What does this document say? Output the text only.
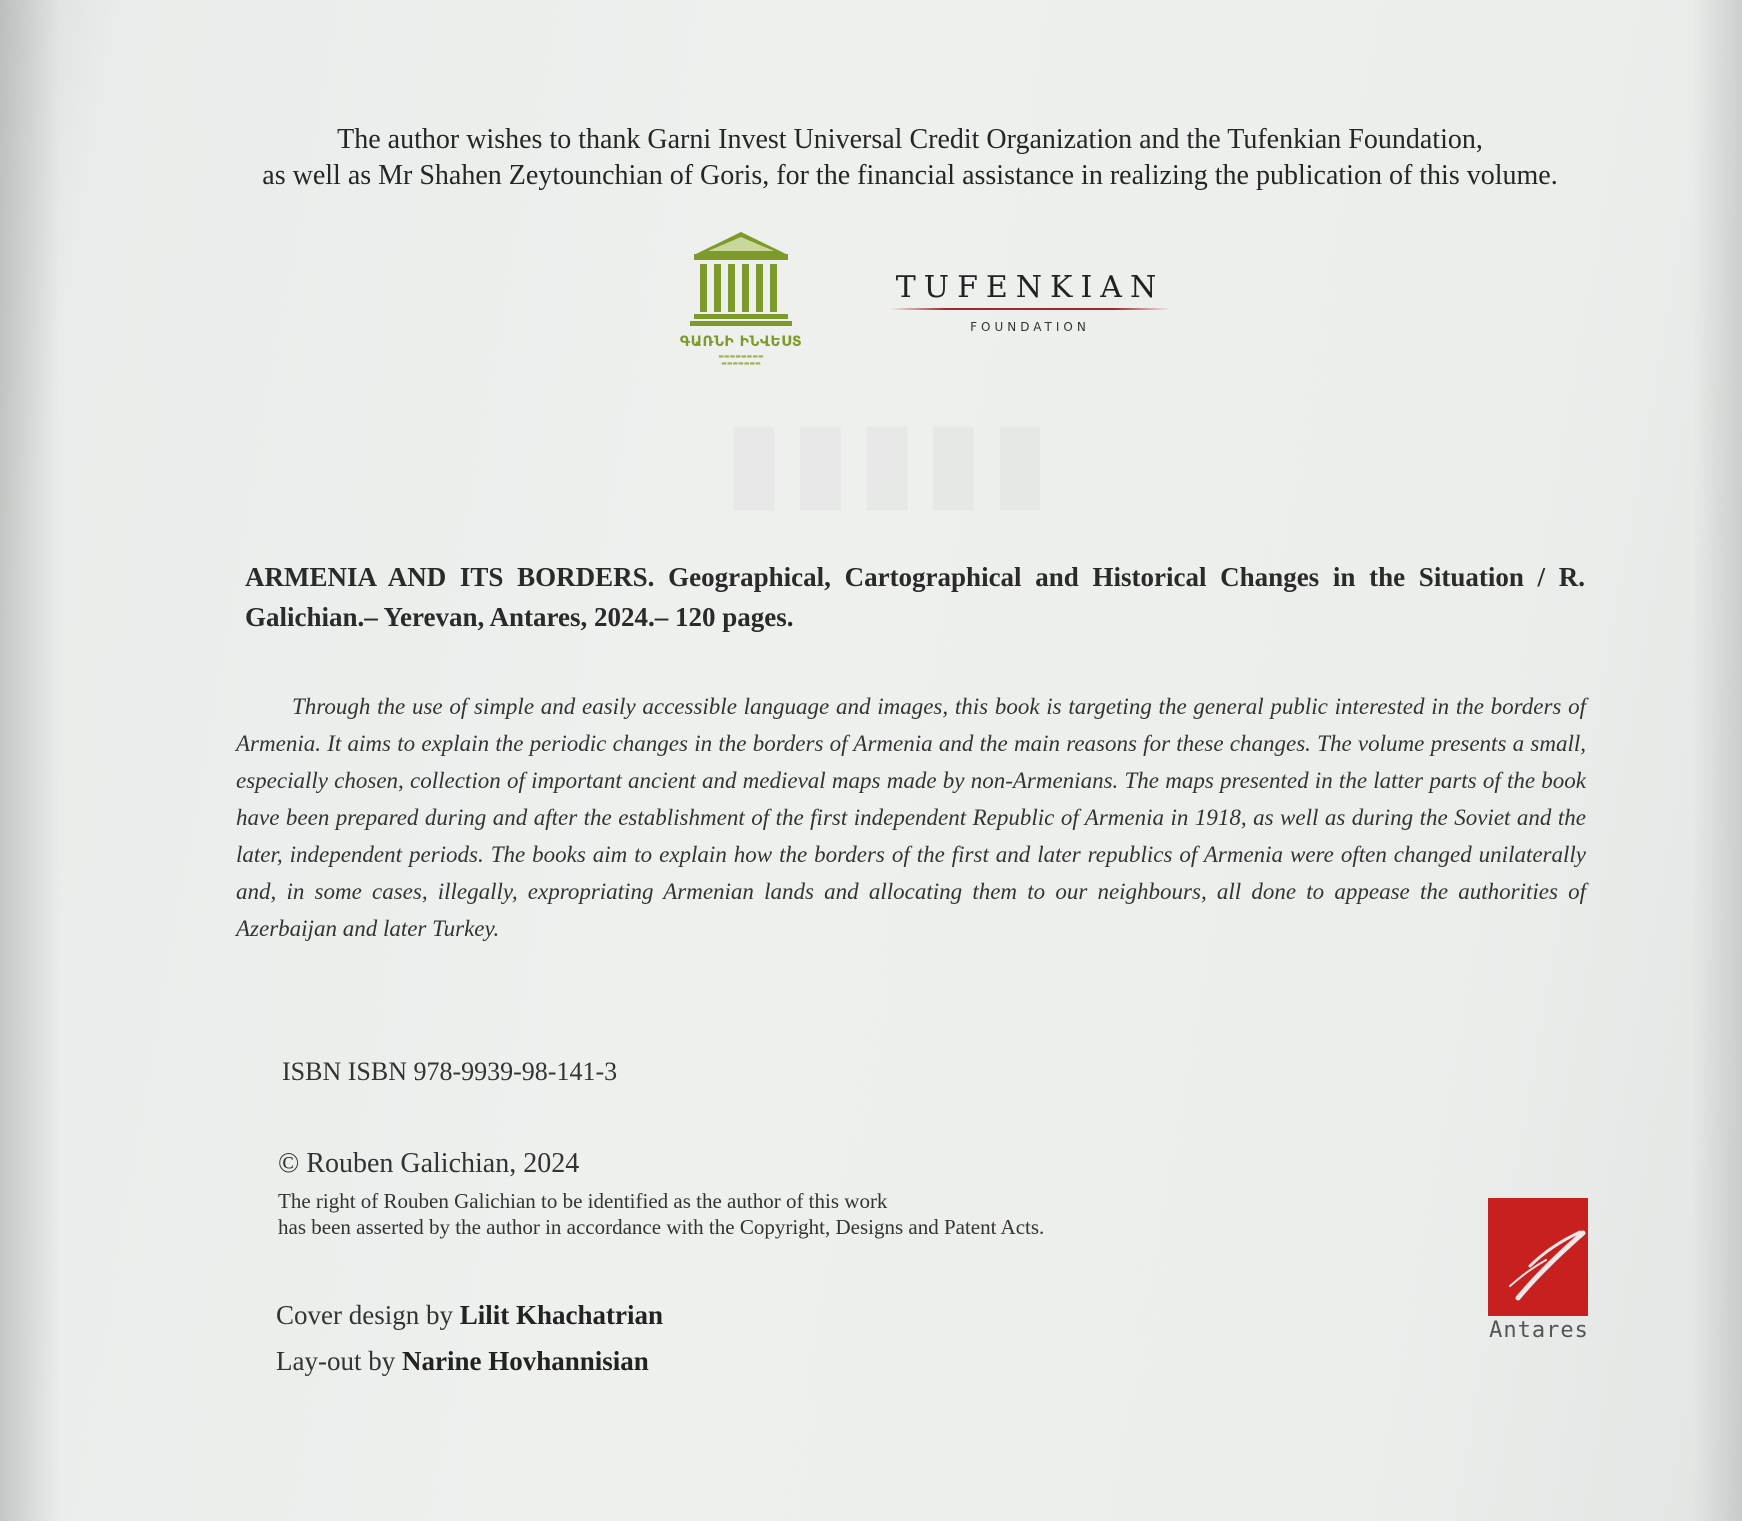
The author wishes to thank Garni Invest Universal Credit Organization and the Tufenkian Foundation,

as well as Mr Shahen Zeytounchian of Goris, for the financial assistance in realizing the publication of this volume.

ԳԱՌՆԻ ԻՆՎԵՍՏ
▬▬▬▬▬▬▬▬
▬▬▬▬▬▬▬
TUFENKIAN
FOUNDATION
▮▮▮▮▮
ARMENIA AND ITS BORDERS. Geographical, Cartographical and Historical Changes in the Situation / R. Galichian.– Yerevan, Antares, 2024.– 120 pages.

Through the use of simple and easily accessible language and images, this book is targeting the general public interested in the borders of Armenia. It aims to explain the periodic changes in the borders of Armenia and the main reasons for these changes. The volume presents a small, especially chosen, collection of important ancient and medieval maps made by non-Armenians. The maps presented in the latter parts of the book have been prepared during and after the establishment of the first independent Republic of Armenia in 1918, as well as during the Soviet and the later, independent periods. The books aim to explain how the borders of the first and later republics of Armenia were often changed unilaterally and, in some cases, illegally, expropriating Armenian lands and allocating them to our neighbours, all done to appease the authorities of Azerbaijan and later Turkey.

ISBN ISBN 978-9939-98-141-3
© Rouben Galichian, 2024

The right of Rouben Galichian to be identified as the author of this work

has been asserted by the author in accordance with the Copyright, Designs and Patent Acts.

Cover design by Lilit Khachatrian
Lay-out by Narine Hovhannisian
Antares
